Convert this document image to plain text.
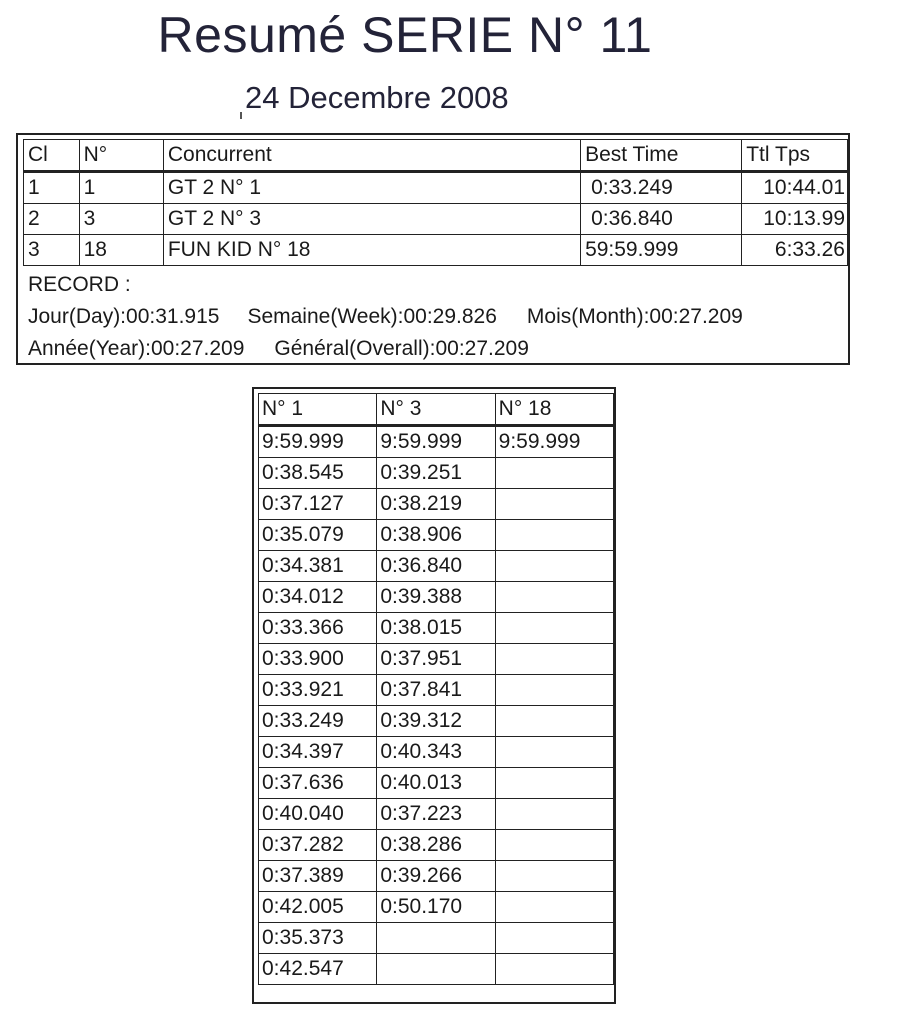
Resumé SERIE N° 11
24 Decembre 2008
Cl	N°	Concurrent	Best Time	Ttl Tps
1	1	GT 2 N° 1	0:33.249	10:44.01
2	3	GT 2 N° 3	0:36.840	10:13.99
3	18	FUN KID N° 18	59:59.999	6:33.26
RECORD :
Jour(Day):00:31.915 Semaine(Week):00:29.826 Mois(Month):00:27.209
Année(Year):00:27.209 Général(Overall):00:27.209
N° 1	N° 3	N° 18
9:59.999	9:59.999	9:59.999
0:38.545	0:39.251	
0:37.127	0:38.219	
0:35.079	0:38.906	
0:34.381	0:36.840	
0:34.012	0:39.388	
0:33.366	0:38.015	
0:33.900	0:37.951	
0:33.921	0:37.841	
0:33.249	0:39.312	
0:34.397	0:40.343	
0:37.636	0:40.013	
0:40.040	0:37.223	
0:37.282	0:38.286	
0:37.389	0:39.266	
0:42.005	0:50.170	
0:35.373		
0:42.547		
